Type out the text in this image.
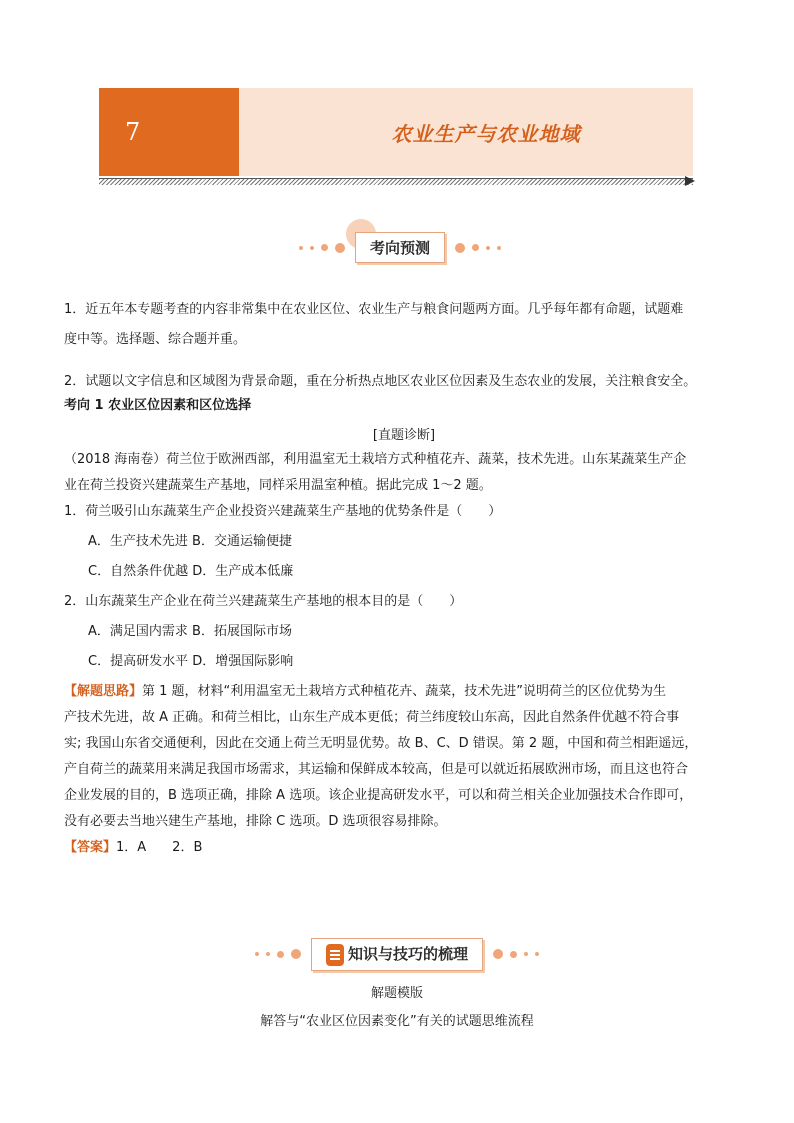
7	农业生产与农业地域
考向预测

1．近五年本专题考查的内容非常集中在农业区位、农业生产与粮食问题两方面。几乎每年都有命题，试题难

度中等。选择题、综合题并重。

2．试题以文字信息和区域图为背景命题，重在分析热点地区农业区位因素及生态农业的发展，关注粮食安全。

考向 1 农业区位因素和区位选择

[直题诊断]

（2018 海南卷）荷兰位于欧洲西部，利用温室无土栽培方式种植花卉、蔬菜，技术先进。山东某蔬菜生产企

业在荷兰投资兴建蔬菜生产基地，同样采用温室种植。据此完成 1～2 题。

1．荷兰吸引山东蔬菜生产企业投资兴建蔬菜生产基地的优势条件是（　　）

A．生产技术先进 B．交通运输便捷

C．自然条件优越 D．生产成本低廉

2．山东蔬菜生产企业在荷兰兴建蔬菜生产基地的根本目的是（　　）

A．满足国内需求 B．拓展国际市场

C．提高研发水平 D．增强国际影响

【解题思路】第 1 题，材料“利用温室无土栽培方式种植花卉、蔬菜，技术先进”说明荷兰的区位优势为生

产技术先进，故 A 正确。和荷兰相比，山东生产成本更低；荷兰纬度较山东高，因此自然条件优越不符合事

实; 我国山东省交通便利，因此在交通上荷兰无明显优势。故 B、C、D 错误。第 2 题，中国和荷兰相距遥远，

产自荷兰的蔬菜用来满足我国市场需求，其运输和保鲜成本较高，但是可以就近拓展欧洲市场，而且这也符合

企业发展的目的，B 选项正确，排除 A 选项。该企业提高研发水平，可以和荷兰相关企业加强技术合作即可，

没有必要去当地兴建生产基地，排除 C 选项。D 选项很容易排除。

【答案】1．A　　2．B

知识与技巧的梳理

解题模版

解答与“农业区位因素变化”有关的试题思维流程
